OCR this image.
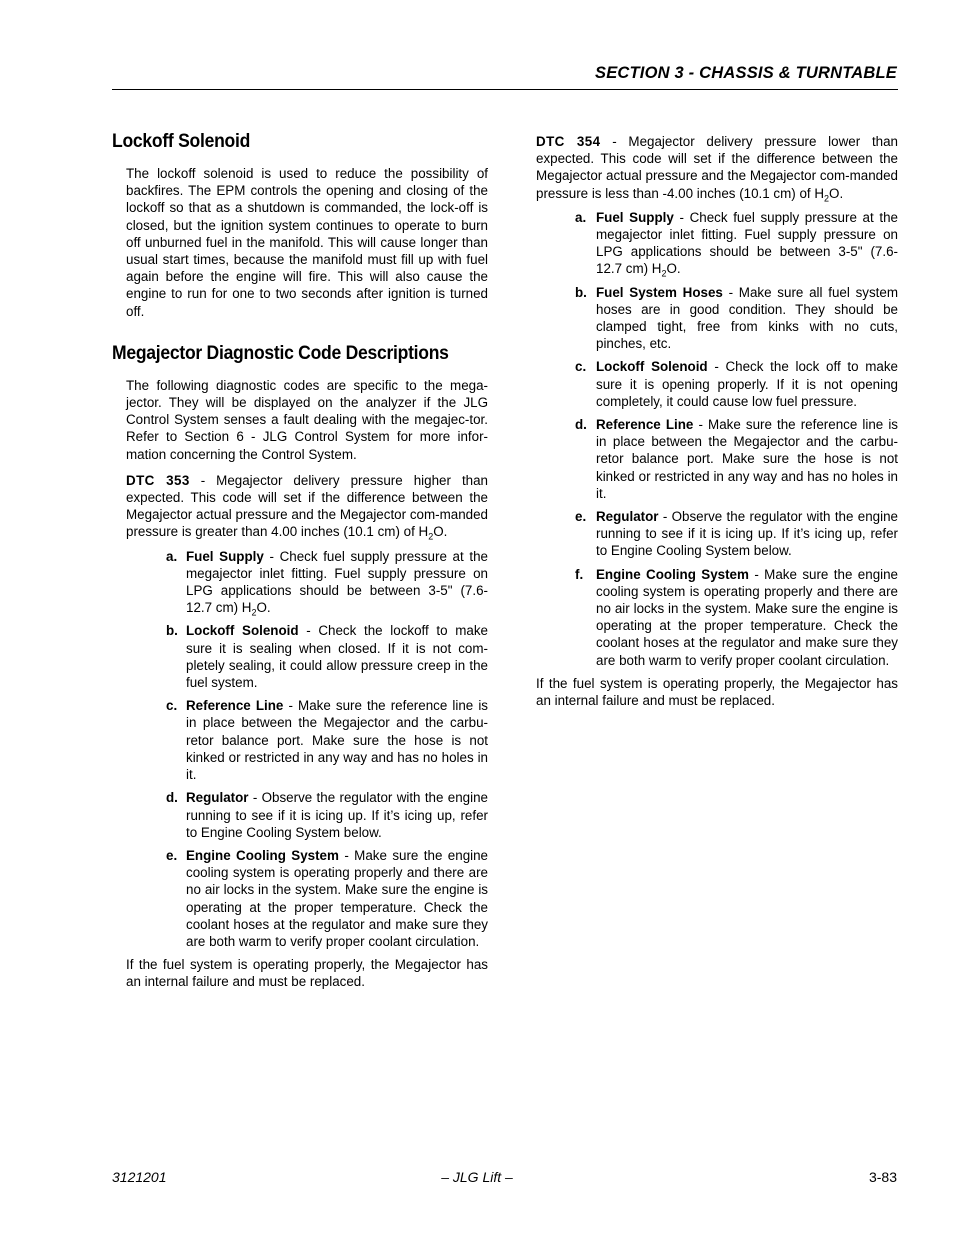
SECTION 3 - CHASSIS & TURNTABLE
Lockoff Solenoid

The lockoff solenoid is used to reduce the possibility of backfires. The EPM controls the opening and closing of the lockoff so that as a shutdown is commanded, the lock-off is closed, but the ignition system continues to operate to burn off unburned fuel in the manifold. This will cause longer than usual start times, because the manifold must fill up with fuel again before the engine will fire. This will also cause the engine to run for one to two seconds after ignition is turned off.

Megajector Diagnostic Code Descriptions

The following diagnostic codes are specific to the mega-jector. They will be displayed on the analyzer if the JLG Control System senses a fault dealing with the megajec-tor. Refer to Section 6 - JLG Control System for more infor-mation concerning the Control System.

DTC 353 - Megajector delivery pressure higher than expected. This code will set if the difference between the Megajector actual pressure and the Megajector com-manded pressure is greater than 4.00 inches (10.1 cm) of $H_2O$.

a. Fuel Supply - Check fuel supply pressure at the megajector inlet fitting. Fuel supply pressure on LPG applications should be between 3-5" (7.6-12.7 cm) $H_2O$.
b. Lockoff Solenoid - Check the lockoff to make sure it is sealing when closed. If it is not com-pletely sealing, it could allow pressure creep in the fuel system.
c. Reference Line - Make sure the reference line is in place between the Megajector and the carbu-retor balance port. Make sure the hose is not kinked or restricted in any way and has no holes in it.
d. Regulator - Observe the regulator with the engine running to see if it is icing up. If it’s icing up, refer to Engine Cooling System below.
e. Engine Cooling System - Make sure the engine cooling system is operating properly and there are no air locks in the system. Make sure the engine is operating at the proper temperature. Check the coolant hoses at the regulator and make sure they are both warm to verify proper coolant circulation.

If the fuel system is operating properly, the Megajector has an internal failure and must be replaced.

DTC 354 - Megajector delivery pressure lower than expected. This code will set if the difference between the Megajector actual pressure and the Megajector com-manded pressure is less than -4.00 inches (10.1 cm) of $H_2O$.

a. Fuel Supply - Check fuel supply pressure at the megajector inlet fitting. Fuel supply pressure on LPG applications should be between 3-5" (7.6-12.7 cm) $H_2O$.
b. Fuel System Hoses - Make sure all fuel system hoses are in good condition. They should be clamped tight, free from kinks with no cuts, pinches, etc.
c. Lockoff Solenoid - Check the lock off to make sure it is opening properly. If it is not opening completely, it could cause low fuel pressure.
d. Reference Line - Make sure the reference line is in place between the Megajector and the carbu-retor balance port. Make sure the hose is not kinked or restricted in any way and has no holes in it.
e. Regulator - Observe the regulator with the engine running to see if it is icing up. If it’s icing up, refer to Engine Cooling System below.
f. Engine Cooling System - Make sure the engine cooling system is operating properly and there are no air locks in the system. Make sure the engine is operating at the proper temperature. Check the coolant hoses at the regulator and make sure they are both warm to verify proper coolant circulation.

If the fuel system is operating properly, the Megajector has an internal failure and must be replaced.

3121201	– JLG Lift –	3-83
